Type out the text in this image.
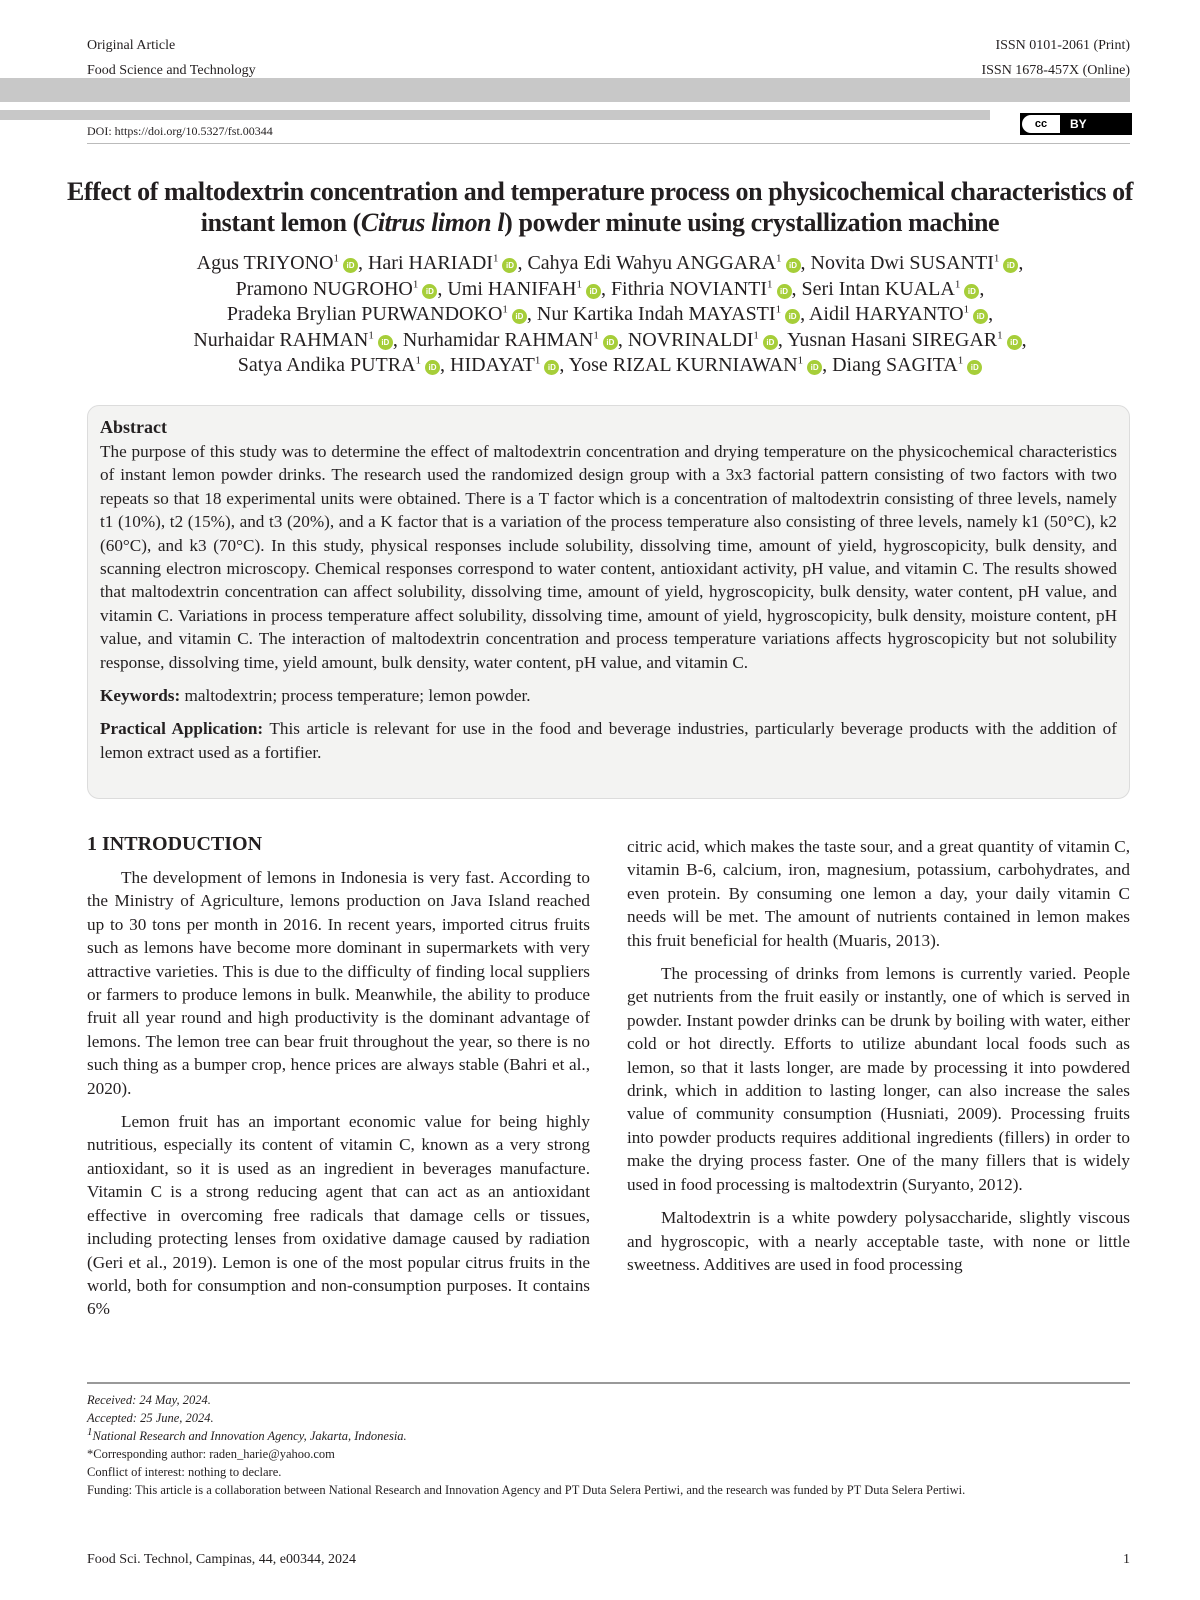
Original Article
Food Science and Technology
ISSN 0101-2061 (Print)
ISSN 1678-457X (Online)
cc	BY
DOI: https://doi.org/10.5327/fst.00344
Effect of maltodextrin concentration and temperature process on physicochemical characteristics of instant lemon (Citrus limon l) powder minute using crystallization machine
Agus TRIYONO$^1$iD , Hari HARIADI$^1$iD , Cahya Edi Wahyu ANGGARA$^1$iD , Novita Dwi SUSANTI$^1$iD ,
Pramono NUGROHO$^1$iD , Umi HANIFAH$^1$iD , Fithria NOVIANTI$^1$iD , Seri Intan KUALA$^1$iD ,
Pradeka Brylian PURWANDOKO$^1$iD , Nur Kartika Indah MAYASTI$^1$iD , Aidil HARYANTO$^1$iD ,
Nurhaidar RAHMAN$^1$iD , Nurhamidar RAHMAN$^1$iD , NOVRINALDI$^1$iD , Yusnan Hasani SIREGAR$^1$iD ,
Satya Andika PUTRA$^1$iD , HIDAYAT$^1$iD , Yose RIZAL KURNIAWAN$^1$iD , Diang SAGITA$^1$iD
Abstract

The purpose of this study was to determine the effect of maltodextrin concentration and drying temperature on the physicochemical characteristics of instant lemon powder drinks. The research used the randomized design group with a 3x3 factorial pattern consisting of two factors with two repeats so that 18 experimental units were obtained. There is a T factor which is a concentration of maltodextrin consisting of three levels, namely t1 (10%), t2 (15%), and t3 (20%), and a K factor that is a variation of the process temperature also consisting of three levels, namely k1 (50°C), k2 (60°C), and k3 (70°C). In this study, physical responses include solubility, dissolving time, amount of yield, hygroscopicity, bulk density, and scanning electron microscopy. Chemical responses correspond to water content, antioxidant activity, pH value, and vitamin C. The results showed that maltodextrin concentration can affect solubility, dissolving time, amount of yield, hygroscopicity, bulk density, water content, pH value, and vitamin C. Variations in process temperature affect solubility, dissolving time, amount of yield, hygroscopicity, bulk density, moisture content, pH value, and vitamin C. The interaction of maltodextrin concentration and process temperature variations affects hygroscopicity but not solubility response, dissolving time, yield amount, bulk density, water content, pH value, and vitamin C.

Keywords: maltodextrin; process temperature; lemon powder.

Practical Application: This article is relevant for use in the food and beverage industries, particularly beverage products with the addition of lemon extract used as a fortifier.

1 INTRODUCTION

The development of lemons in Indonesia is very fast. According to the Ministry of Agriculture, lemons production on Java Island reached up to 30 tons per month in 2016. In recent years, imported citrus fruits such as lemons have become more dominant in supermarkets with very attractive varieties. This is due to the difficulty of finding local suppliers or farmers to produce lemons in bulk. Meanwhile, the ability to produce fruit all year round and high productivity is the dominant advantage of lemons. The lemon tree can bear fruit throughout the year, so there is no such thing as a bumper crop, hence prices are always stable (Bahri et al., 2020).

Lemon fruit has an important economic value for being highly nutritious, especially its content of vitamin C, known as a very strong antioxidant, so it is used as an ingredient in beverages manufacture. Vitamin C is a strong reducing agent that can act as an antioxidant effective in overcoming free radicals that damage cells or tissues, including protecting lenses from oxidative damage caused by radiation (Geri et al., 2019). Lemon is one of the most popular citrus fruits in the world, both for consumption and non-consumption purposes. It contains 6%

citric acid, which makes the taste sour, and a great quantity of vitamin C, vitamin B-6, calcium, iron, magnesium, potassium, carbohydrates, and even protein. By consuming one lemon a day, your daily vitamin C needs will be met. The amount of nutrients contained in lemon makes this fruit beneficial for health (Muaris, 2013).

The processing of drinks from lemons is currently varied. People get nutrients from the fruit easily or instantly, one of which is served in powder. Instant powder drinks can be drunk by boiling with water, either cold or hot directly. Efforts to utilize abundant local foods such as lemon, so that it lasts longer, are made by processing it into powdered drink, which in addition to lasting longer, can also increase the sales value of community consumption (Husniati, 2009). Processing fruits into powder products requires additional ingredients (fillers) in order to make the drying process faster. One of the many fillers that is widely used in food processing is maltodextrin (Suryanto, 2012).

Maltodextrin is a white powdery polysaccharide, slightly viscous and hygroscopic, with a nearly acceptable taste, with none or little sweetness. Additives are used in food processing

Received: 24 May, 2024.
Accepted: 25 June, 2024.
$^1$National Research and Innovation Agency, Jakarta, Indonesia.
*Corresponding author: raden_harie@yahoo.com
Conflict of interest: nothing to declare.
Funding: This article is a collaboration between National Research and Innovation Agency and PT Duta Selera Pertiwi, and the research was funded by PT Duta Selera Pertiwi.
Food Sci. Technol, Campinas, 44, e00344, 2024	1
